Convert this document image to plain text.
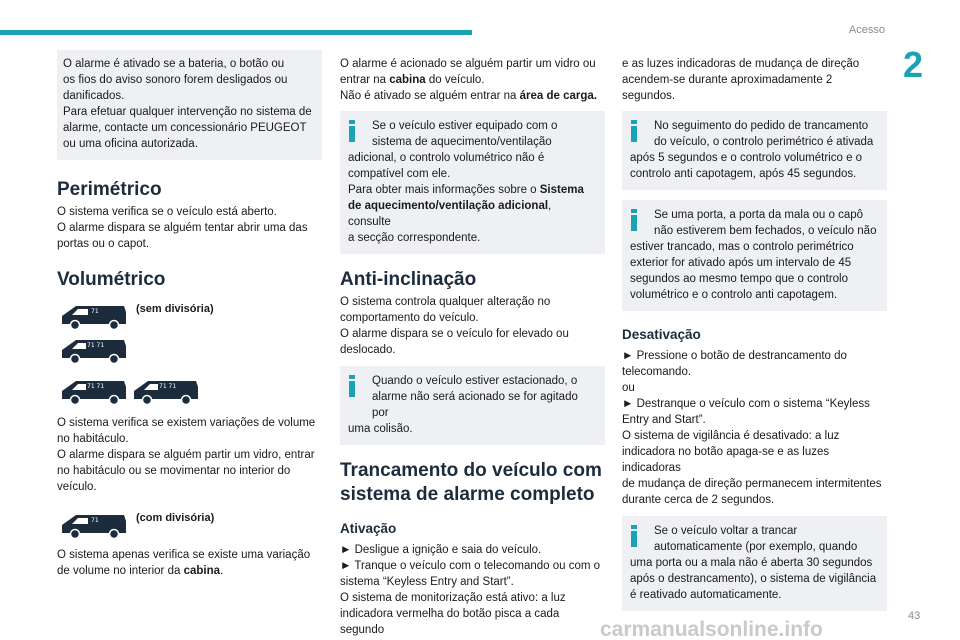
Acesso
2
O alarme é ativado se a bateria, o botão ou
os fios do aviso sonoro forem desligados ou
danificados.
Para efetuar qualquer intervenção no sistema de
alarme, contacte um concessionário PEUGEOT
ou uma oficina autorizada.
Perimétrico
O sistema verifica se o veículo está aberto.
O alarme dispara se alguém tentar abrir uma das
portas ou o capot.
Volumétrico
71	(sem divisória)
71 71
71 71	71 71
O sistema verifica se existem variações de volume
no habitáculo.
O alarme dispara se alguém partir um vidro, entrar
no habitáculo ou se movimentar no interior do
veículo.
71	(com divisória)
O sistema apenas verifica se existe uma variação
de volume no interior da cabina.
O alarme é acionado se alguém partir um vidro ou
entrar na cabina do veículo.
Não é ativado se alguém entrar na área de carga.
Se o veículo estiver equipado com o
sistema de aquecimento/ventilação
adicional, o controlo volumétrico não é
compatível com ele.
Para obter mais informações sobre o Sistema
de aquecimento/ventilação adicional, consulte
a secção correspondente.
Anti-inclinação
O sistema controla qualquer alteração no
comportamento do veículo.
O alarme dispara se o veículo for elevado ou
deslocado.
Quando o veículo estiver estacionado, o
alarme não será acionado se for agitado por
uma colisão.
Trancamento do veículo com
sistema de alarme completo
Ativação
► Desligue a ignição e saia do veículo.
► Tranque o veículo com o telecomando ou com o
sistema “Keyless Entry and Start”.
O sistema de monitorização está ativo: a luz
indicadora vermelha do botão pisca a cada segundo
e as luzes indicadoras de mudança de direção
acendem-se durante aproximadamente 2 segundos.
No seguimento do pedido de trancamento
do veículo, o controlo perimétrico é ativada
após 5 segundos e o controlo volumétrico e o
controlo anti capotagem, após 45 segundos.
Se uma porta, a porta da mala ou o capô
não estiverem bem fechados, o veículo não
estiver trancado, mas o controlo perimétrico
exterior for ativado após um intervalo de 45
segundos ao mesmo tempo que o controlo
volumétrico e o controlo anti capotagem.
Desativação
► Pressione o botão de destrancamento do
telecomando.
ou
► Destranque o veículo com o sistema “Keyless
Entry and Start”.
O sistema de vigilância é desativado: a luz
indicadora no botão apaga-se e as luzes indicadoras
de mudança de direção permanecem intermitentes
durante cerca de 2 segundos.
Se o veículo voltar a trancar
automaticamente (por exemplo, quando
uma porta ou a mala não é aberta 30 segundos
após o destrancamento), o sistema de vigilância
é reativado automaticamente.
carmanualsonline.info
43
